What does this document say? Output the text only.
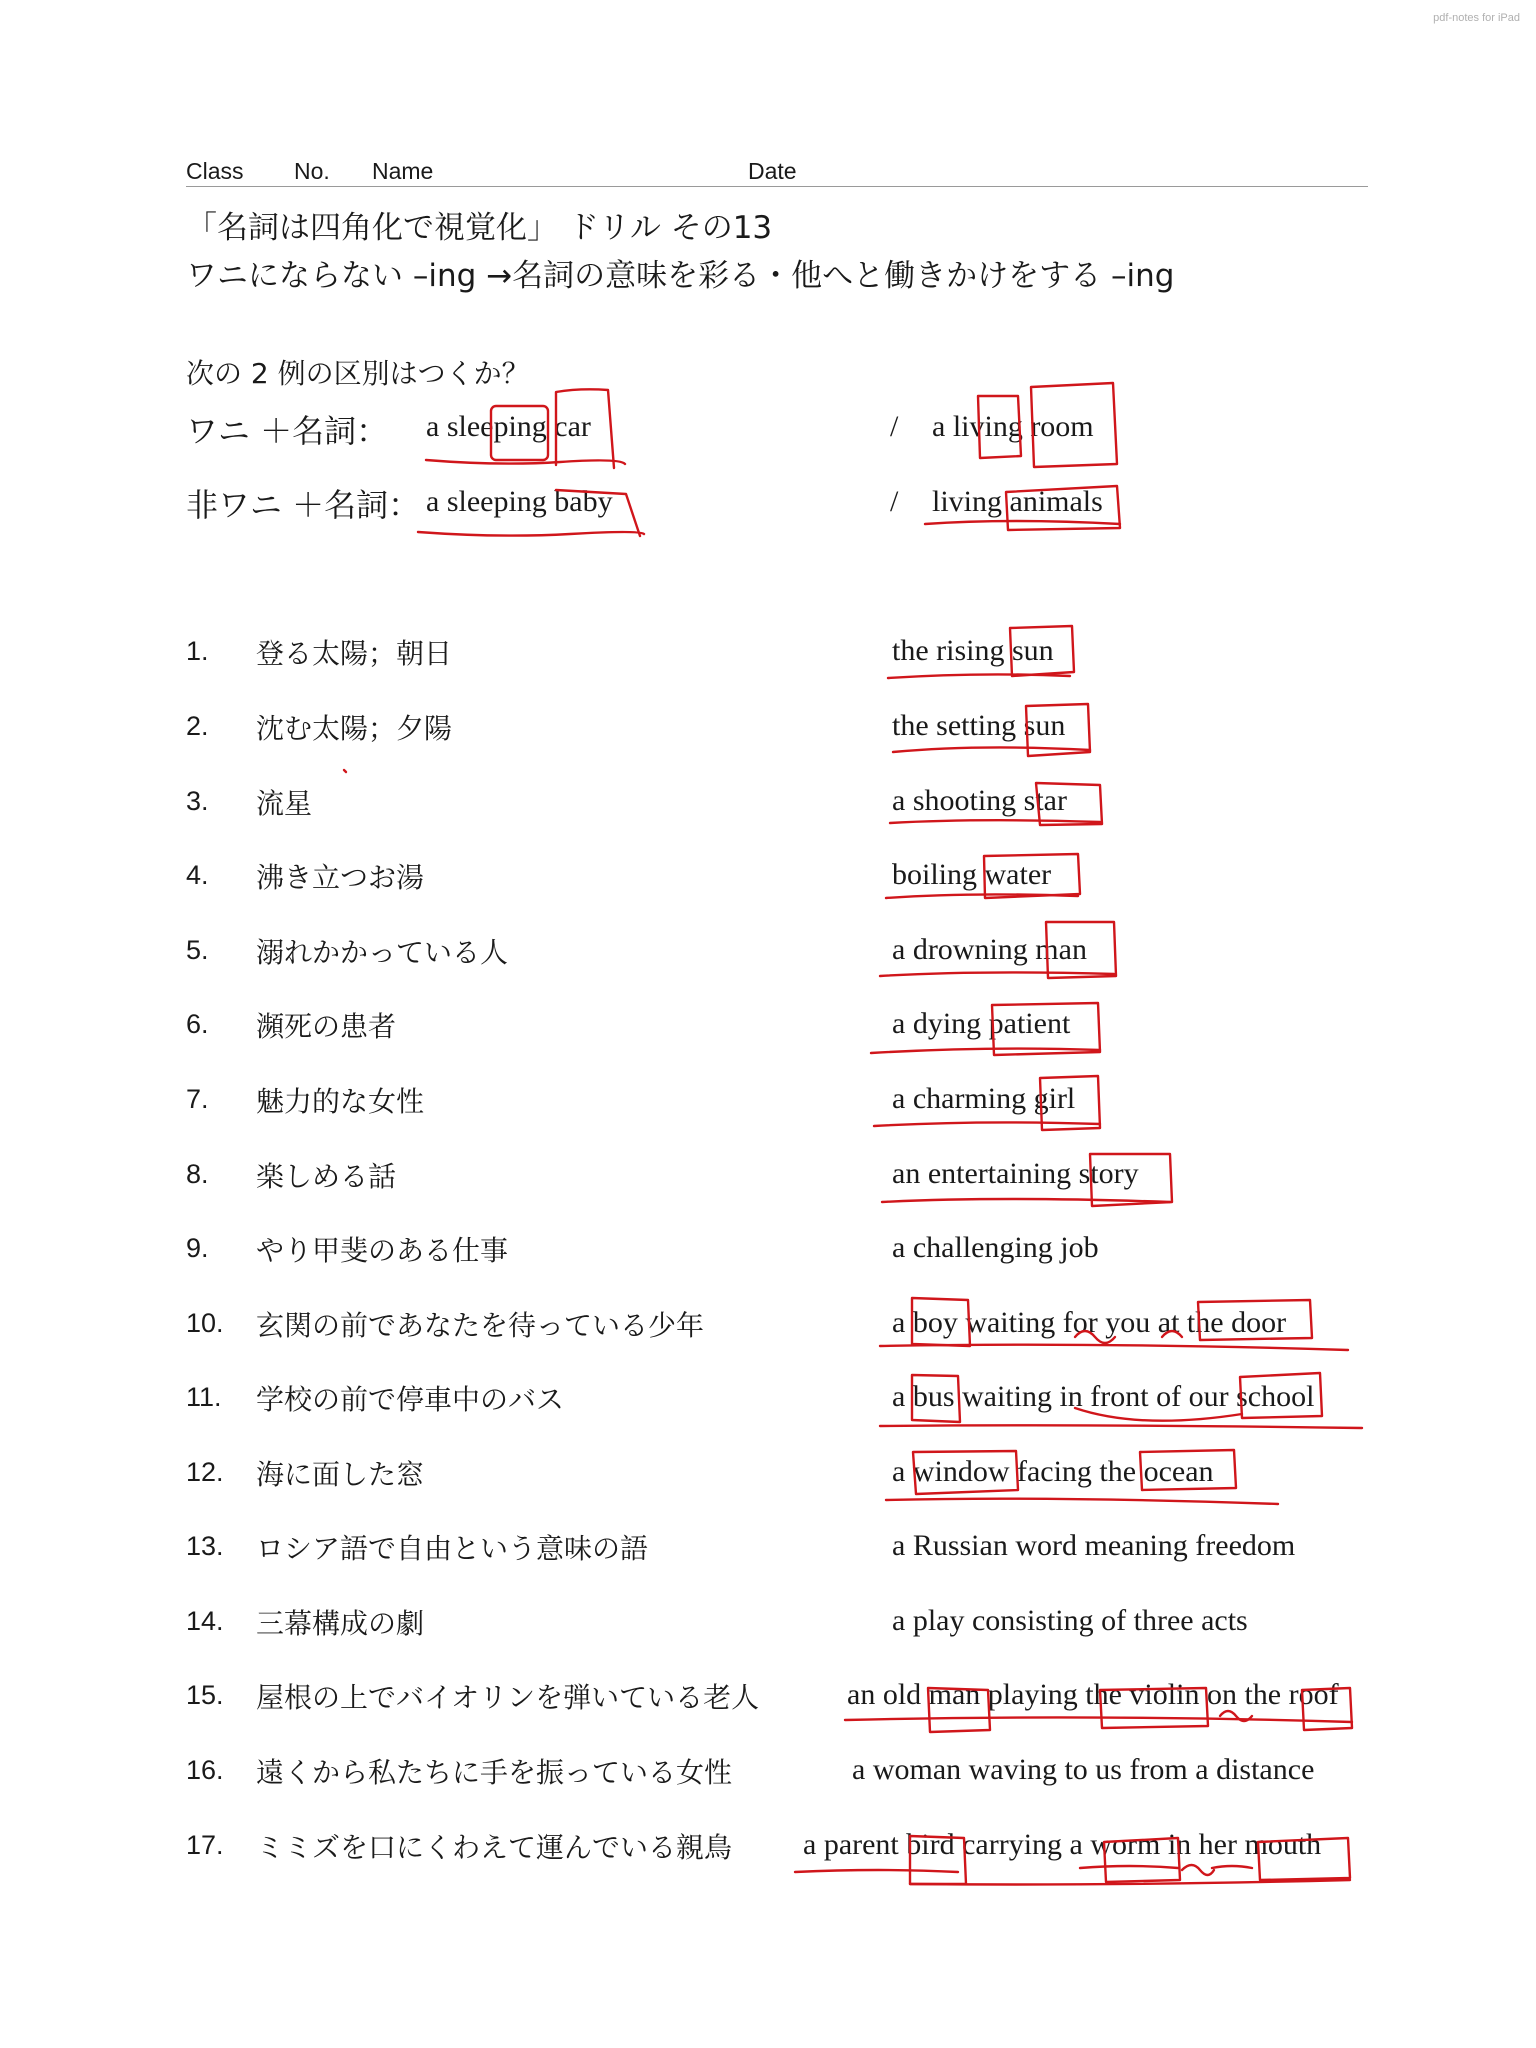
pdf-notes for iPad
Class No. Name	Date
「名詞は四角化で視覚化」 ドリル その13
ワニにならない –ing →名詞の意味を彩る・他へと働きかけをする –ing
次の 2 例の区別はつくか？
ワニ ＋名詞： a sleeping car	/ a living room
非ワニ ＋名詞： a sleeping baby	/ living animals
1. 登る太陽；朝日	the rising sun
2. 沈む太陽；夕陽	the setting sun
3. 流星	a shooting star
4. 沸き立つお湯	boiling water
5. 溺れかかっている人	a drowning man
6. 瀕死の患者	a dying patient
7. 魅力的な女性	a charming girl
8. 楽しめる話	an entertaining story
9. やり甲斐のある仕事	a challenging job
10. 玄関の前であなたを待っている少年	a boy waiting for you at the door
11. 学校の前で停車中のバス	a bus waiting in front of our school
12. 海に面した窓	a window facing the ocean
13. ロシア語で自由という意味の語	a Russian word meaning freedom
14. 三幕構成の劇	a play consisting of three acts
15. 屋根の上でバイオリンを弾いている老人	an old man playing the violin on the roof
16. 遠くから私たちに手を振っている女性	a woman waving to us from a distance
17. ミミズを口にくわえて運んでいる親鳥 a parent bird carrying a worm in her mouth
